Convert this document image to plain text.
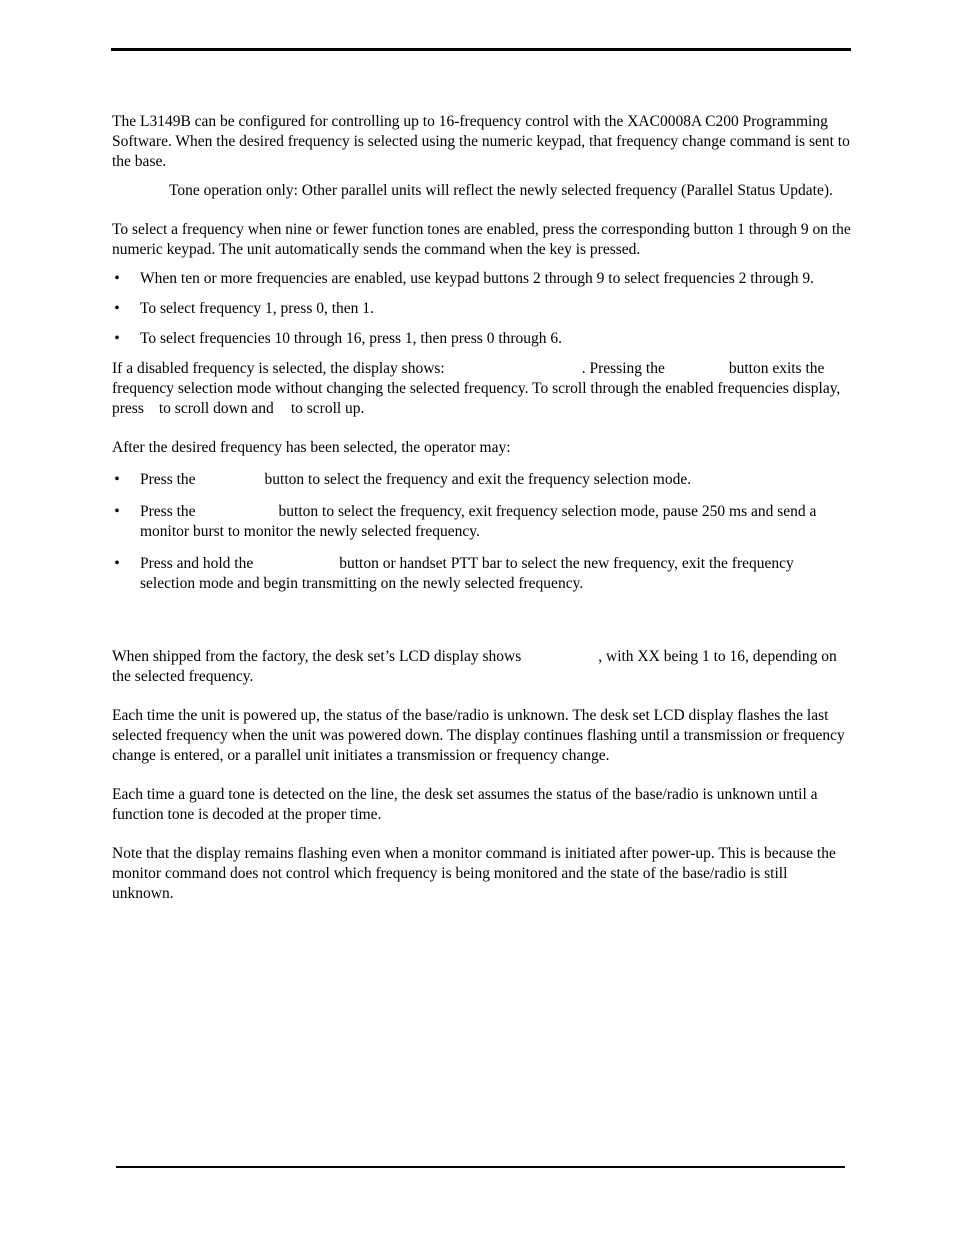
The L3149B can be configured for controlling up to 16-frequency control with the XAC0008A C200 Programming Software. When the desired frequency is selected using the numeric keypad, that frequency change command is sent to the base.

Tone operation only: Other parallel units will reflect the newly selected frequency (Parallel Status Update).

To select a frequency when nine or fewer function tones are enabled, press the corresponding button 1 through 9 on the numeric keypad. The unit automatically sends the command when the key is pressed.

• When ten or more frequencies are enabled, use keypad buttons 2 through 9 to select frequencies 2 through 9.
• To select frequency 1, press 0, then 1.
• To select frequencies 10 through 16, press 1, then press 0 through 6.

If a disabled frequency is selected, the display shows:	. Pressing the	button exits the frequency selection mode without changing the selected frequency. To scroll through the enabled frequencies display, press to scroll down and to scroll up.

After the desired frequency has been selected, the operator may:

• Press the	button to select the frequency and exit the frequency selection mode.
• Press the	button to select the frequency, exit frequency selection mode, pause 250 ms and send a monitor burst to monitor the newly selected frequency.
• Press and hold the	button or handset PTT bar to select the new frequency, exit the frequency selection mode and begin transmitting on the newly selected frequency.

When shipped from the factory, the desk set’s LCD display shows	, with XX being 1 to 16, depending on the selected frequency.

Each time the unit is powered up, the status of the base/radio is unknown. The desk set LCD display flashes the last selected frequency when the unit was powered down. The display continues flashing until a transmission or frequency change is entered, or a parallel unit initiates a transmission or frequency change.

Each time a guard tone is detected on the line, the desk set assumes the status of the base/radio is unknown until a function tone is decoded at the proper time.

Note that the display remains flashing even when a monitor command is initiated after power-up. This is because the monitor command does not control which frequency is being monitored and the state of the base/radio is still unknown.
